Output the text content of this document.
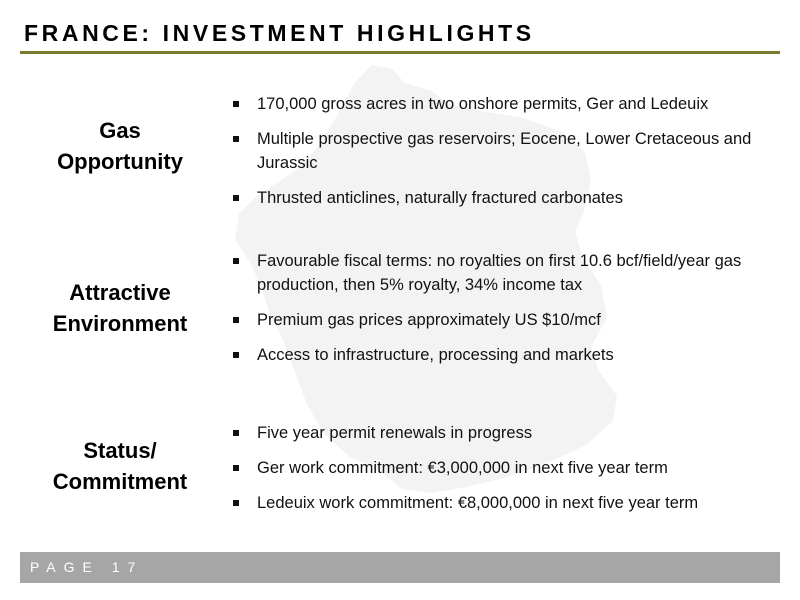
FRANCE: INVESTMENT HIGHLIGHTS
Gas
Opportunity
170,000 gross acres in two onshore permits, Ger and Ledeuix
Multiple prospective gas reservoirs; Eocene, Lower Cretaceous and Jurassic
Thrusted anticlines, naturally fractured carbonates
Attractive
Environment
Favourable fiscal terms: no royalties on first 10.6 bcf/field/year gas production, then 5% royalty, 34% income tax
Premium gas prices approximately US $10/mcf
Access to infrastructure, processing and markets
Status/
Commitment
Five year permit renewals in progress
Ger work commitment: €3,000,000 in next five year term
Ledeuix work commitment: €8,000,000 in next five year term
PAGE 17
